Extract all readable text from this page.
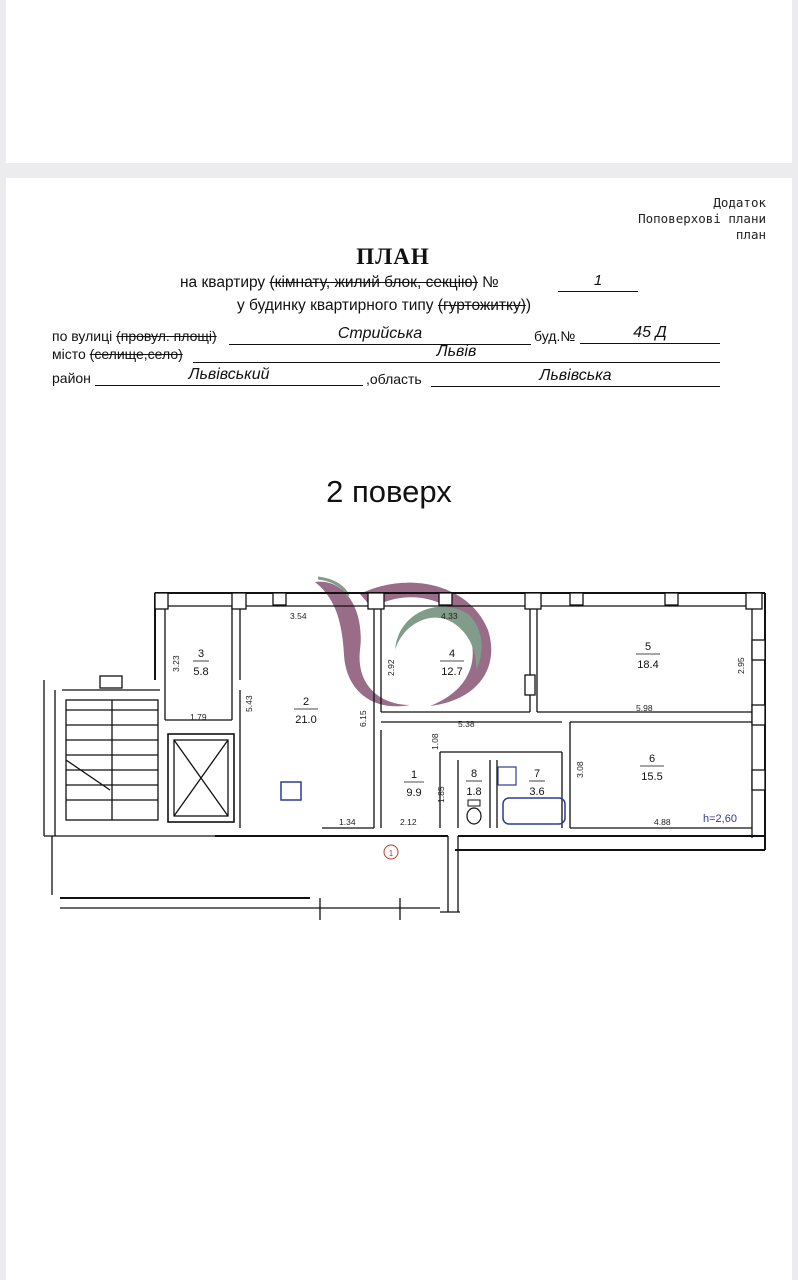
Додаток
Поповерхові плани
план
ПЛАН
на квартиру (кімнату, жилий блок, секцію) №	1
у будинку квартирного типу (гуртожитку))
по вулиці (провул. площі)	Стрийська	буд.№	45 Д
місто (селище,село)	Львів
район	Львівський	,область	Львівська
2 поверх
3
5.8
2
21.0
4
12.7
5
18.4
6
15.5
1
9.9
8
1.8
7
3.6
3.54	4.33
2.92
3.23
1.79
5.43
6.15
1.34	2.12
1.08
1.85
5.38
5.98
2.95
3.08
4.88	h=2,60
1
